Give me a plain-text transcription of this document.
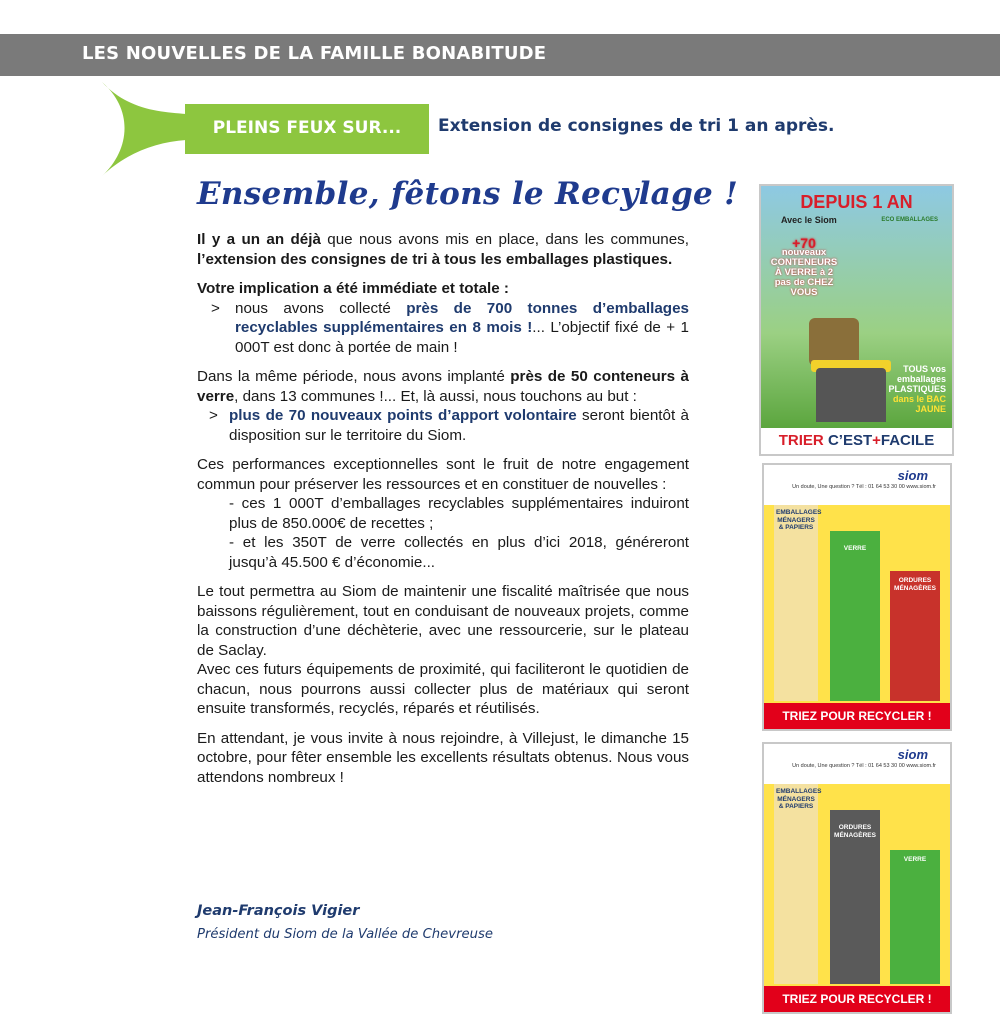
LES NOUVELLES DE LA FAMILLE BONABITUDE
PLEINS FEUX SUR...	Extension de consignes de tri 1 an après.
Ensemble, fêtons le Recylage !

Il y a un an déjà que nous avons mis en place, dans les communes, l’extension des consignes de tri à tous les emballages plastiques.

Votre implication a été immédiate et totale :

> nous avons collecté près de 700 tonnes d’emballages recyclables supplémentaires en 8 mois !... L’objectif fixé de + 1 000T est donc à portée de main !

Dans la même période, nous avons implanté près de 50 conteneurs à verre, dans 13 communes !... Et, là aussi, nous touchons au but :

> plus de 70 nouveaux points d’apport volontaire seront bientôt à disposition sur le territoire du Siom.

Ces performances exceptionnelles sont le fruit de notre engagement commun pour préserver les ressources et en constituer de nouvelles :

- ces 1 000T d’emballages recyclables supplémentaires induiront plus de 850.000€ de recettes ;

- et les 350T de verre collectés en plus d’ici 2018, généreront jusqu’à 45.500 € d’économie...

Le tout permettra au Siom de maintenir une fiscalité maîtrisée que nous baissons régulièrement, tout en conduisant de nouveaux projets, comme la construction d’une déchèterie, avec une ressourcerie, sur le plateau de Saclay.

Avec ces futurs équipements de proximité, qui faciliteront le quotidien de chacun, nous pourrons aussi collecter plus de matériaux qui seront ensuite transformés, recyclés, réparés et réutilisés.

En attendant, je vous invite à nous rejoindre, à Villejust, le dimanche 15 octobre, pour fêter ensemble les excellents résultats obtenus. Nous vous attendons nombreux !

Jean-François Vigier
Président du Siom de la Vallée de Chevreuse
DEPUIS 1 AN
Avec le Siom	ECO EMBALLAGES
+70
nouveaux CONTENEURS À VERRE à 2 pas de CHEZ VOUS
TOUS vos emballages PLASTIQUES
dans le BAC JAUNE
TRIER C’EST+FACILE
siom
Un doute, Une question ? Tél : 01 64 53 30 00 www.siom.fr
EMBALLAGES MÉNAGERS & PAPIERS
VERRE
ORDURES MÉNAGÈRES
TRIEZ POUR RECYCLER !
siom
Un doute, Une question ? Tél : 01 64 53 30 00 www.siom.fr
EMBALLAGES MÉNAGERS & PAPIERS
ORDURES MÉNAGÈRES
VERRE
TRIEZ POUR RECYCLER !
